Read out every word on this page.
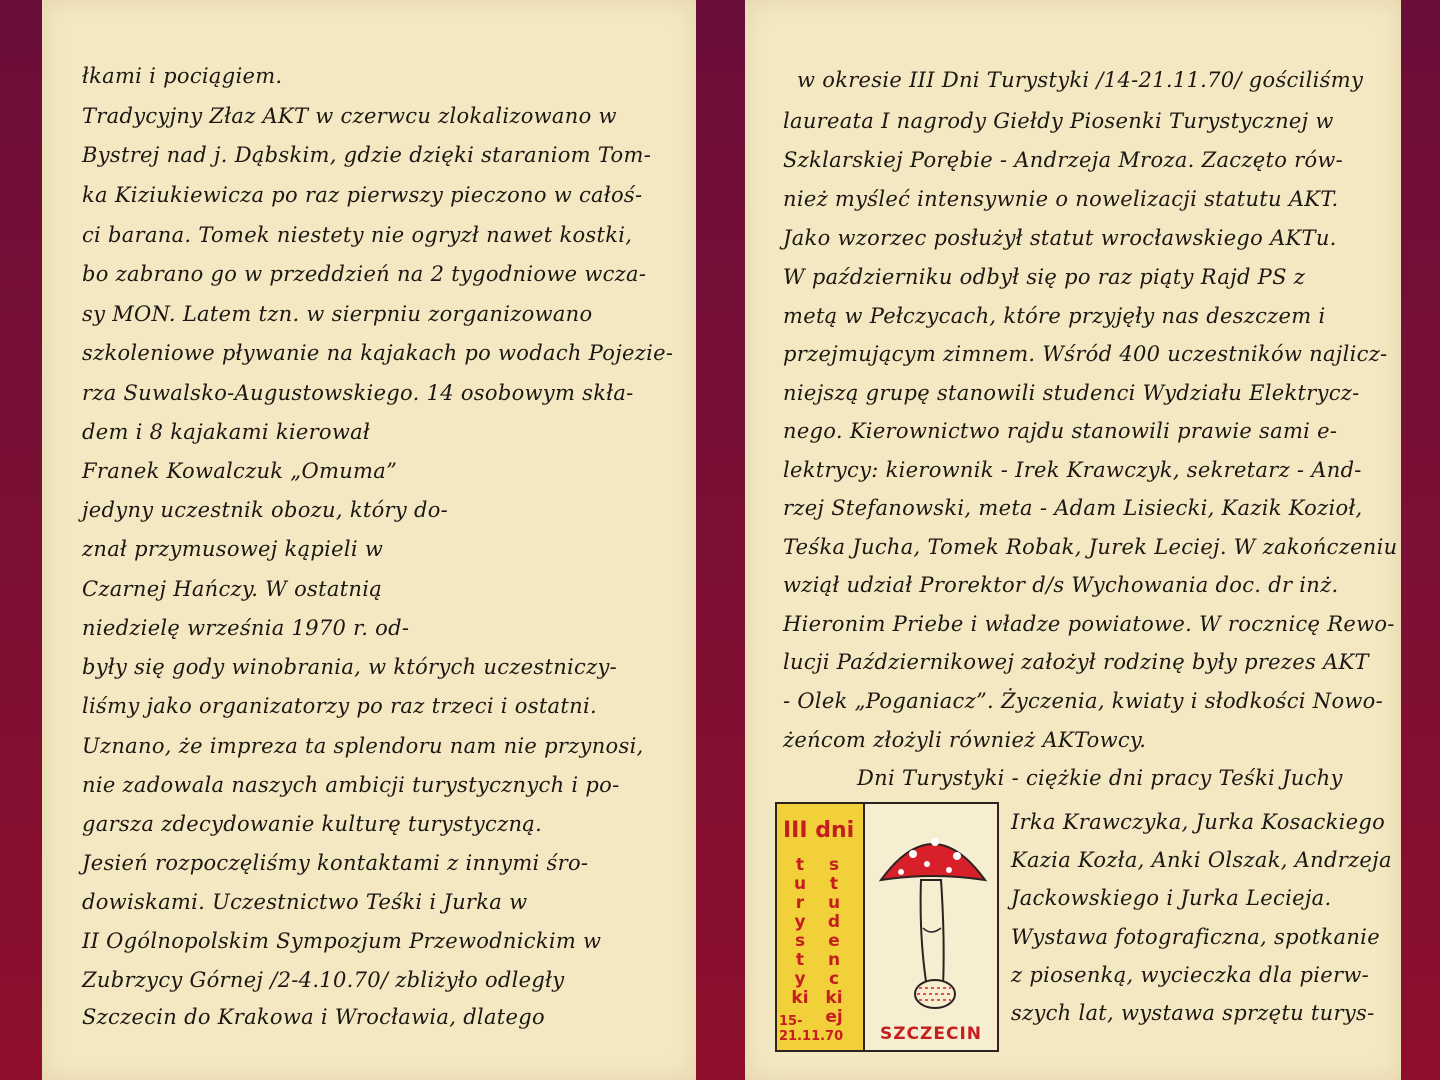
łkami i pociągiem.
Tradycyjny Złaz AKT w czerwcu zlokalizowano w
Bystrej nad j. Dąbskim, gdzie dzięki staraniom Tom-
ka Kiziukiewicza po raz pierwszy pieczono w całoś-
ci barana. Tomek niestety nie ogryzł nawet kostki,
bo zabrano go w przeddzień na 2 tygodniowe wcza-
sy MON. Latem tzn. w sierpniu zorganizowano
szkoleniowe pływanie na kajakach po wodach Pojezie-
rza Suwalsko-Augustowskiego. 14 osobowym skła-
dem i 8 kajakami kierował
Franek Kowalczuk „Omuma”
jedyny uczestnik obozu, który do-
znał przymusowej kąpieli w
Czarnej Hańczy. W ostatnią
niedzielę września 1970 r. od-
były się gody winobrania, w których uczestniczy-
liśmy jako organizatorzy po raz trzeci i ostatni.
Uznano, że impreza ta splendoru nam nie przynosi,
nie zadowala naszych ambicji turystycznych i po-
garsza zdecydowanie kulturę turystyczną.
Jesień rozpoczęliśmy kontaktami z innymi śro-
dowiskami. Uczestnictwo Teśki i Jurka w
II Ogólnopolskim Sympozjum Przewodnickim w
Zubrzycy Górnej /2-4.10.70/ zbliżyło odległy
Szczecin do Krakowa i Wrocławia, dlatego
w okresie III Dni Turystyki /14-21.11.70/ gościliśmy
laureata I nagrody Giełdy Piosenki Turystycznej w
Szklarskiej Porębie - Andrzeja Mroza. Zaczęto rów-
nież myśleć intensywnie o nowelizacji statutu AKT.
Jako wzorzec posłużył statut wrocławskiego AKTu.
W październiku odbył się po raz piąty Rajd PS z
metą w Pełczycach, które przyjęły nas deszczem i
przejmującym zimnem. Wśród 400 uczestników najlicz-
niejszą grupę stanowili studenci Wydziału Elektrycz-
nego. Kierownictwo rajdu stanowili prawie sami e-
lektrycy: kierownik - Irek Krawczyk, sekretarz - And-
rzej Stefanowski, meta - Adam Lisiecki, Kazik Kozioł,
Teśka Jucha, Tomek Robak, Jurek Leciej. W zakończeniu
wziął udział Prorektor d/s Wychowania doc. dr inż.
Hieronim Priebe i władze powiatowe. W rocznicę Rewo-
lucji Październikowej założył rodzinę były prezes AKT
- Olek „Poganiacz”. Życzenia, kwiaty i słodkości Nowo-
żeńcom złożyli również AKTowcy.
Dni Turystyki - ciężkie dni pracy Teśki Juchy
Irka Krawczyka, Jurka Kosackiego
Kazia Kozła, Anki Olszak, Andrzeja
Jackowskiego i Jurka Lecieja.
Wystawa fotograficzna, spotkanie
z piosenką, wycieczka dla pierw-
szych lat, wystawa sprzętu turys-
III dni
turystyki
studenckiej
15-21.11.70	SZCZECIN
